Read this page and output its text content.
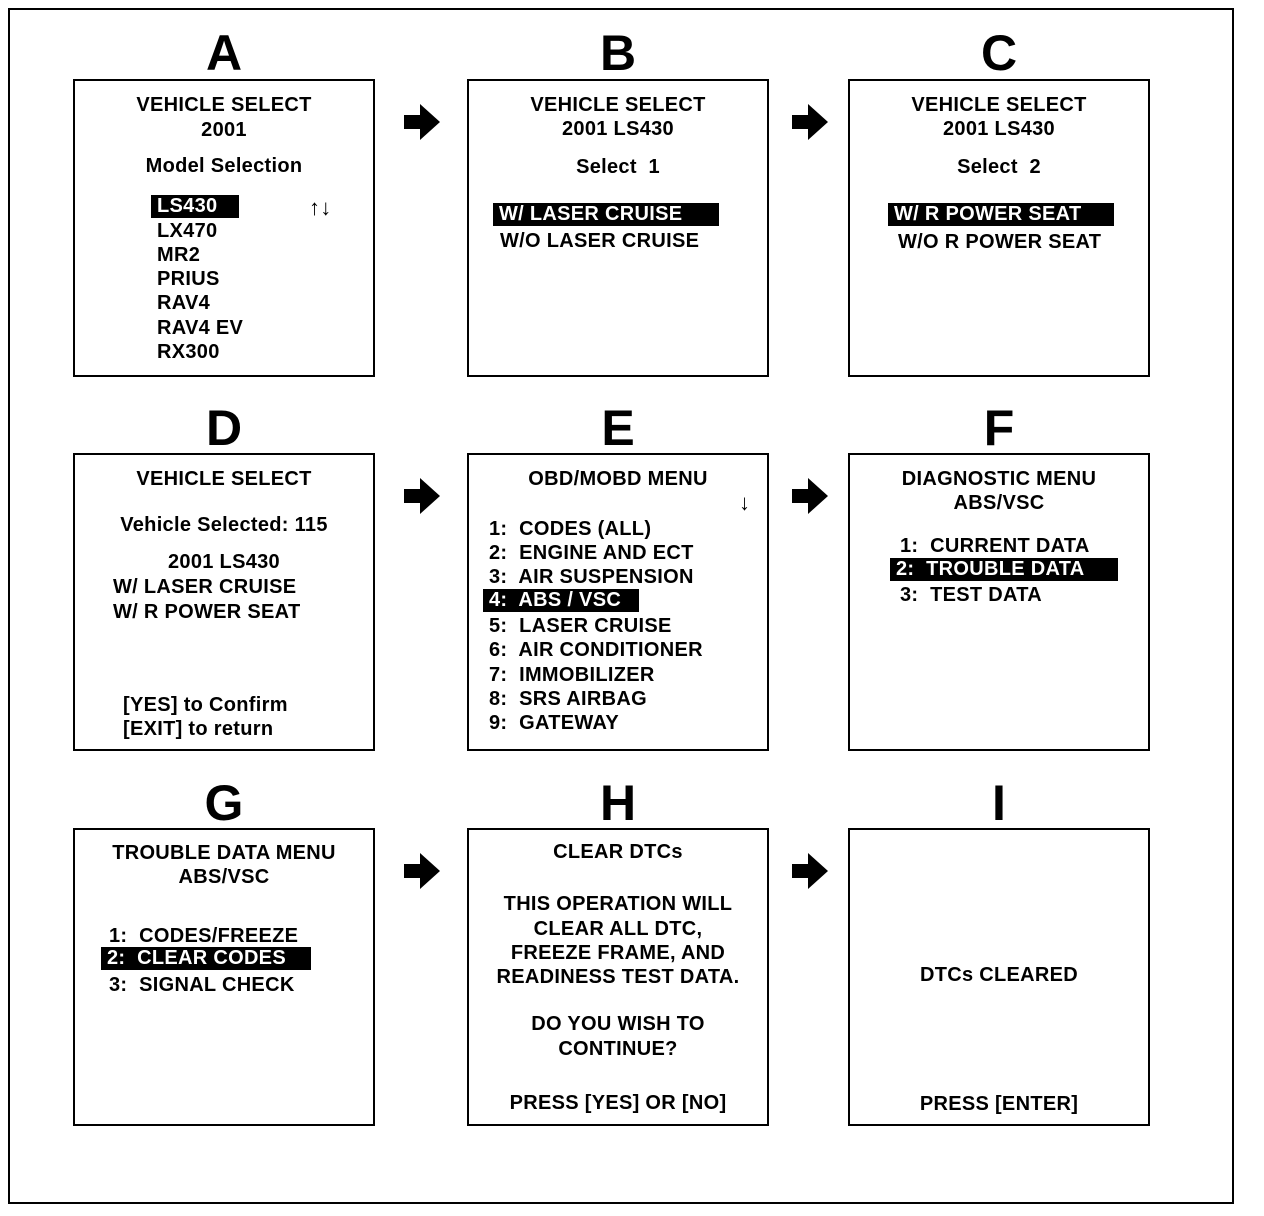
A
VEHICLE SELECT
2001
Model Selection
LS430	↑↓
LX470
MR2
PRIUS
RAV4
RAV4 EV
RX300
B
VEHICLE SELECT
2001 LS430
Select  1
W/ LASER CRUISE
W/O LASER CRUISE
C
VEHICLE SELECT
2001 LS430
Select  2
W/ R POWER SEAT
W/O R POWER SEAT
D
VEHICLE SELECT
Vehicle Selected: 115
2001 LS430
W/ LASER CRUISE
W/ R POWER SEAT
[YES] to Confirm
[EXIT] to return
E
OBD/MOBD MENU
↓
1:  CODES (ALL)
2:  ENGINE AND ECT
3:  AIR SUSPENSION
4:  ABS / VSC
5:  LASER CRUISE
6:  AIR CONDITIONER
7:  IMMOBILIZER
8:  SRS AIRBAG
9:  GATEWAY
F
DIAGNOSTIC MENU
ABS/VSC
1:  CURRENT DATA
2:  TROUBLE DATA
3:  TEST DATA
G
TROUBLE DATA MENU
ABS/VSC
1:  CODES/FREEZE
2:  CLEAR CODES
3:  SIGNAL CHECK
H
CLEAR DTCs
THIS OPERATION WILL
CLEAR ALL DTC,
FREEZE FRAME, AND
READINESS TEST DATA.
DO YOU WISH TO
CONTINUE?
PRESS [YES] OR [NO]
I
DTCs CLEARED
PRESS [ENTER]
